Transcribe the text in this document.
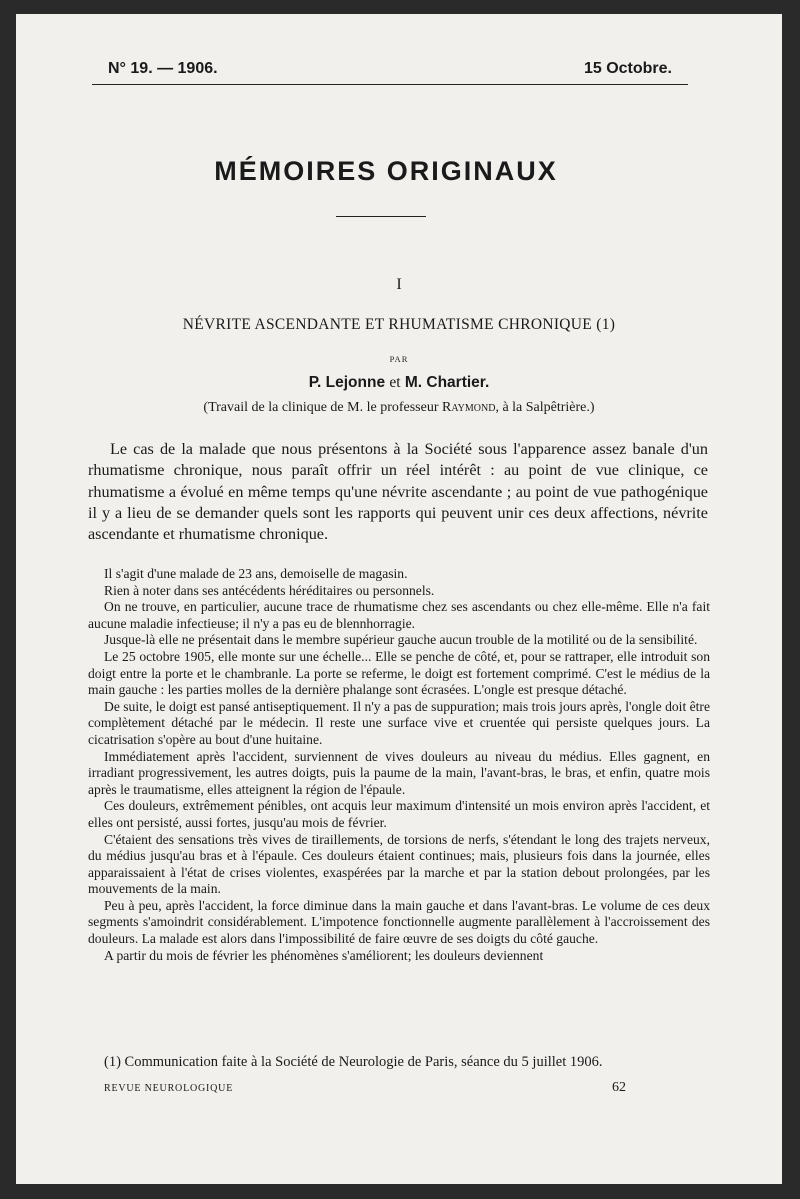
N° 19. — 1906.	15 Octobre.
MÉMOIRES ORIGINAUX
I
NÉVRITE ASCENDANTE ET RHUMATISME CHRONIQUE (1)
PAR
P. Lejonne et M. Chartier.
(Travail de la clinique de M. le professeur Raymond, à la Salpêtrière.)

Le cas de la malade que nous présentons à la Société sous l'apparence assez banale d'un rhumatisme chronique, nous paraît offrir un réel intérêt : au point de vue clinique, ce rhumatisme a évolué en même temps qu'une névrite ascendante ; au point de vue pathogénique il y a lieu de se demander quels sont les rapports qui peuvent unir ces deux affections, névrite ascendante et rhumatisme chronique.

Il s'agit d'une malade de 23 ans, demoiselle de magasin.

Rien à noter dans ses antécédents héréditaires ou personnels.

On ne trouve, en particulier, aucune trace de rhumatisme chez ses ascendants ou chez elle-même. Elle n'a fait aucune maladie infectieuse; il n'y a pas eu de blennhorragie.

Jusque-là elle ne présentait dans le membre supérieur gauche aucun trouble de la motilité ou de la sensibilité.

Le 25 octobre 1905, elle monte sur une échelle... Elle se penche de côté, et, pour se rattraper, elle introduit son doigt entre la porte et le chambranle. La porte se referme, le doigt est fortement comprimé. C'est le médius de la main gauche : les parties molles de la dernière phalange sont écrasées. L'ongle est presque détaché.

De suite, le doigt est pansé antiseptiquement. Il n'y a pas de suppuration; mais trois jours après, l'ongle doit être complètement détaché par le médecin. Il reste une surface vive et cruentée qui persiste quelques jours. La cicatrisation s'opère au bout d'une huitaine.

Immédiatement après l'accident, surviennent de vives douleurs au niveau du médius. Elles gagnent, en irradiant progressivement, les autres doigts, puis la paume de la main, l'avant-bras, le bras, et enfin, quatre mois après le traumatisme, elles atteignent la région de l'épaule.

Ces douleurs, extrêmement pénibles, ont acquis leur maximum d'intensité un mois environ après l'accident, et elles ont persisté, aussi fortes, jusqu'au mois de février.

C'étaient des sensations très vives de tiraillements, de torsions de nerfs, s'étendant le long des trajets nerveux, du médius jusqu'au bras et à l'épaule. Ces douleurs étaient continues; mais, plusieurs fois dans la journée, elles apparaissaient à l'état de crises violentes, exaspérées par la marche et par la station debout prolongées, par les mouvements de la main.

Peu à peu, après l'accident, la force diminue dans la main gauche et dans l'avant-bras. Le volume de ces deux segments s'amoindrit considérablement. L'impotence fonctionnelle augmente parallèlement à l'accroissement des douleurs. La malade est alors dans l'impossibilité de faire œuvre de ses doigts du côté gauche.

A partir du mois de février les phénomènes s'améliorent; les douleurs deviennent

(1) Communication faite à la Société de Neurologie de Paris, séance du 5 juillet 1906.
REVUE NEUROLOGIQUE	62
